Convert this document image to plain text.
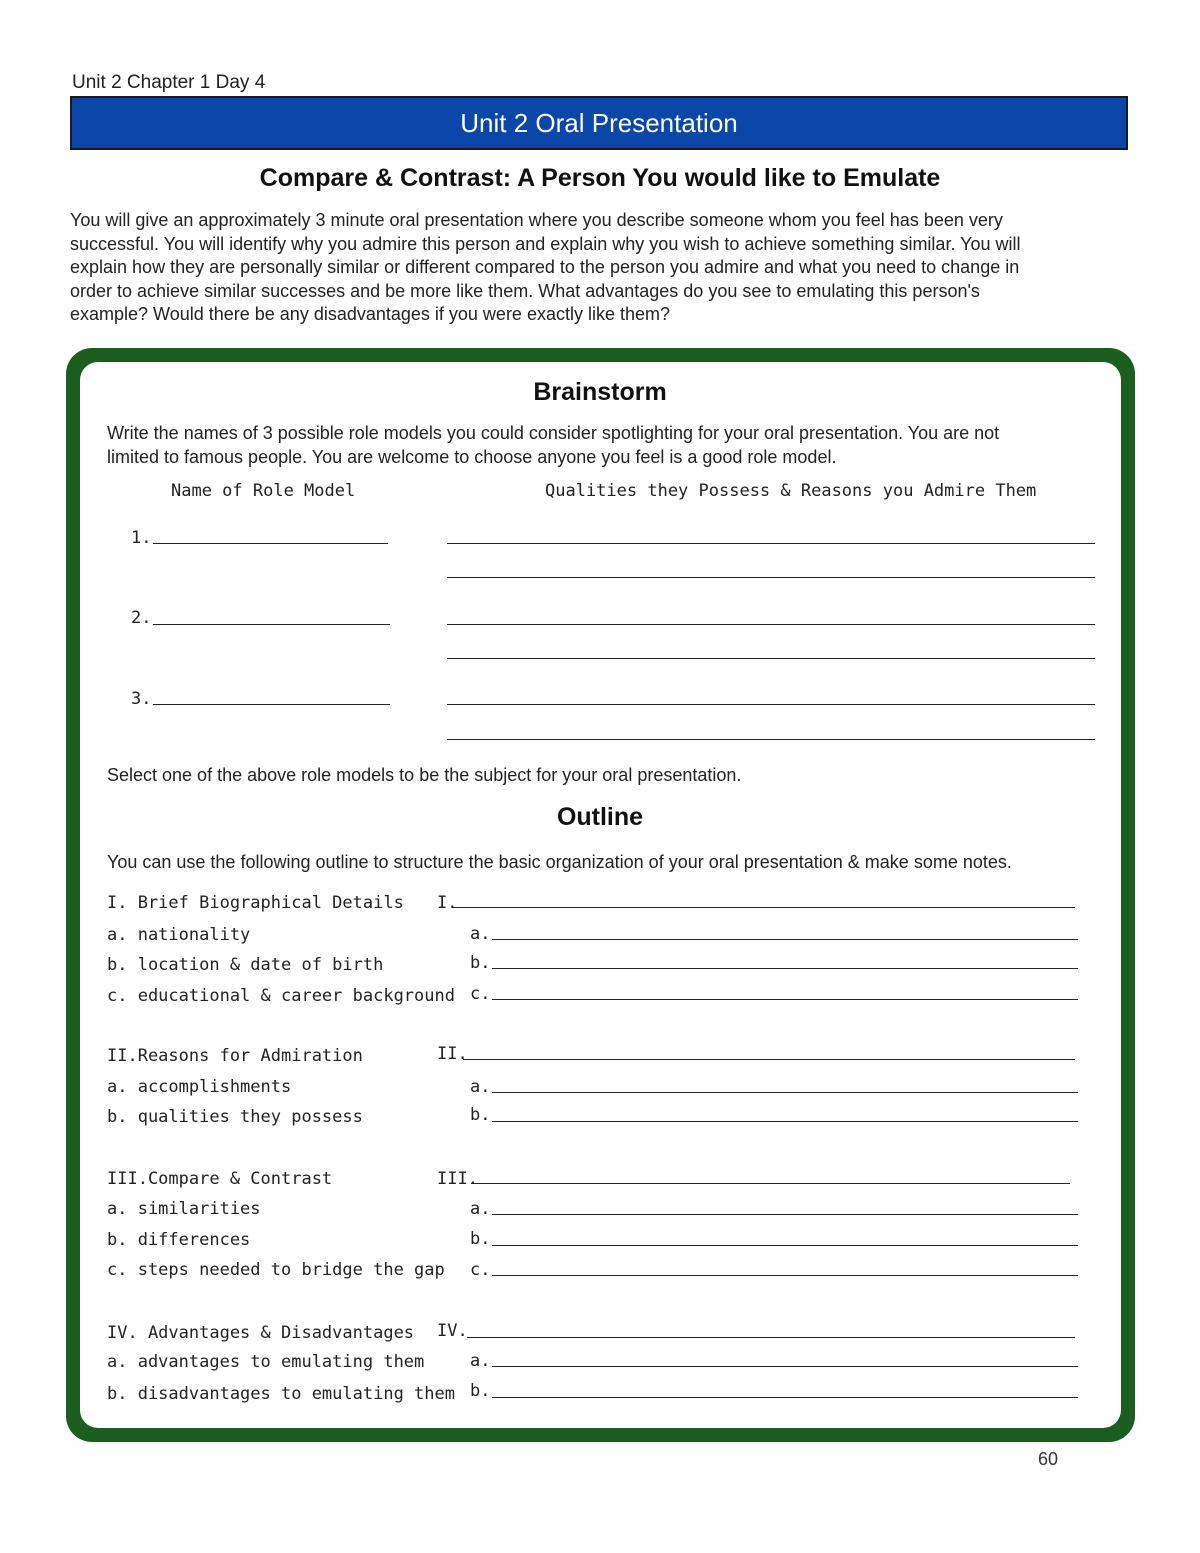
Unit 2 Chapter 1 Day 4
Unit 2 Oral Presentation
Compare & Contrast: A Person You would like to Emulate
You will give an approximately 3 minute oral presentation where you describe someone whom you feel has been very
successful. You will identify why you admire this person and explain why you wish to achieve something similar. You will
explain how they are personally similar or different compared to the person you admire and what you need to change in
order to achieve similar successes and be more like them. What advantages do you see to emulating this person's
example? Would there be any disadvantages if you were exactly like them?
Brainstorm
Write the names of 3 possible role models you could consider spotlighting for your oral presentation. You are not
limited to famous people. You are welcome to choose anyone you feel is a good role model.
Name of Role Model	Qualities they Possess & Reasons you Admire Them
1.
2.
3.
Select one of the above role models to be the subject for your oral presentation.
Outline
You can use the following outline to structure the basic organization of your oral presentation & make some notes.
I. Brief Biographical Details I.
a. nationality	a.
b. location & date of birth	b.
c. educational & career background c.
II.Reasons for Admiration	II.
a. accomplishments	a.
b. qualities they possess	b.
III.Compare & Contrast	III.
a. similarities	a.
b. differences	b.
c. steps needed to bridge the gap c.
IV. Advantages & Disadvantages IV.
a. advantages to emulating them	a.
b. disadvantages to emulating them b.
60
